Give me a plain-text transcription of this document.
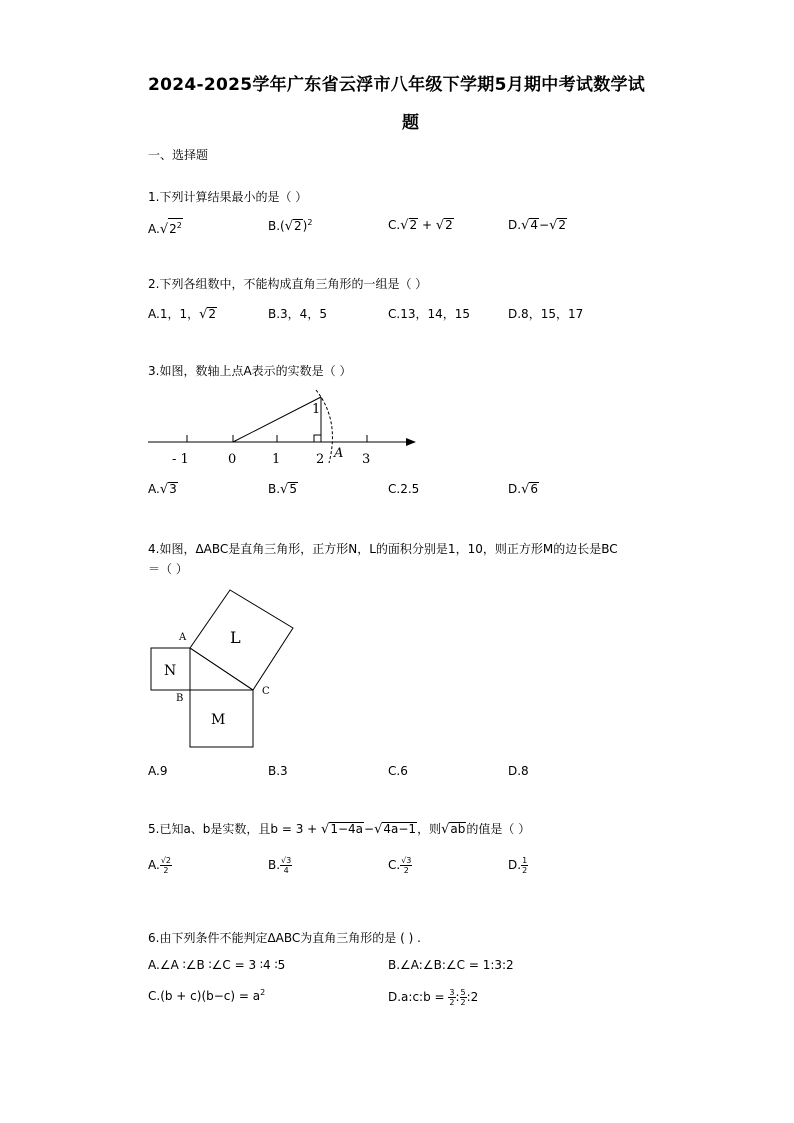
2024-2025学年广东省云浮市八年级下学期5月期中考试数学试
题
一、选择题
1.下列计算结果最小的是（ ）
$A.√2^2$	$B.(√2)^2$	C.√2 + √2	D.√4−√2
2.下列各组数中，不能构成直角三角形的一组是（ ）
A.1，1，√2	B.3，4，5	C.13，14，15	D.8，15，17
3.如图，数轴上点A表示的实数是（ ）
- 1	0	1	2	3
1
A
A.√3	B.√5	C.2.5	D.√6
4.如图，ΔABC是直角三角形，正方形N，L的面积分别是1，10，则正方形M的边长是BC
＝（ ）
L
N
M
A
B
C
A.9	B.3	C.6	D.8
5.已知a、b是实数，且b = 3 + √1−4a−√4a−1，则√ab的值是（ ）
A. $\frac{√2}{2}$	B. $\frac{√3}{4}$	C. $\frac{√3}{2}$	D. $\frac{1}{2}$
6.由下列条件不能判定ΔABC为直角三角形的是 ( ) .
A.∠A ∶∠B ∶∠C = 3 ∶4 ∶5	B.∠A:∠B:∠C = 1:3:2
$C.(b + c)(b-c) = a^2$	D.a:c:b = $\frac{3}{2}$ : $\frac{5}{2}$ :2
